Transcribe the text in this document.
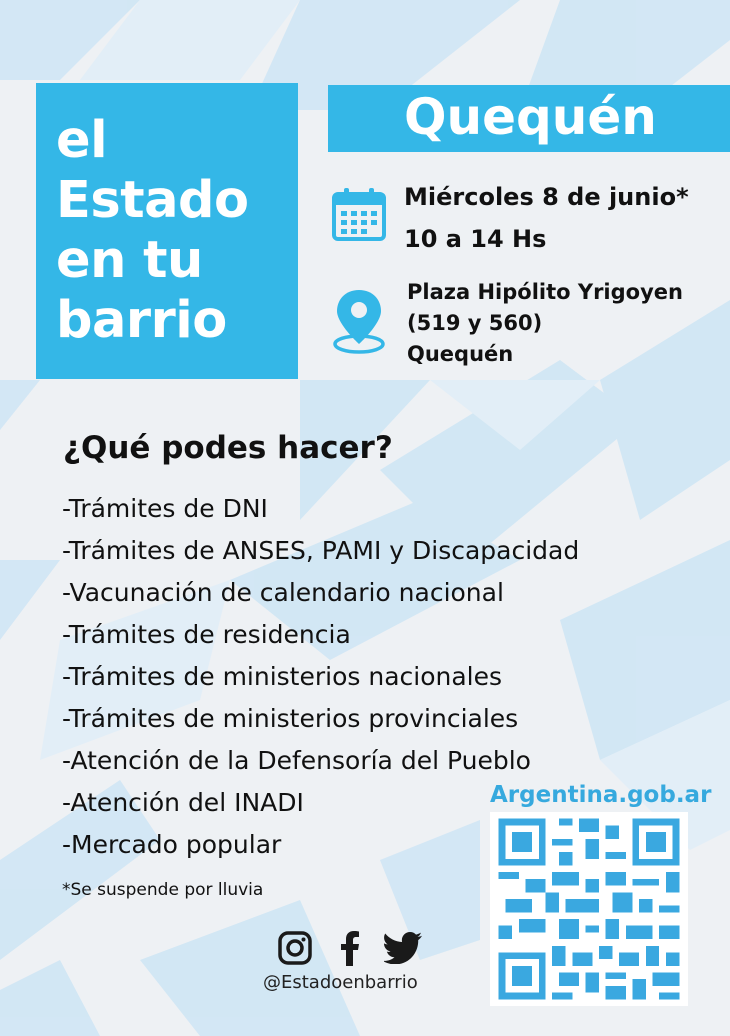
el
Estado
en tu
barrio
Quequén
Miércoles 8 de junio*
10 a 14 Hs
Plaza Hipólito Yrigoyen
(519 y 560)
Quequén
¿Qué podes hacer?
-Trámites de DNI
-Trámites de ANSES, PAMI y Discapacidad
-Vacunación de calendario nacional
-Trámites de residencia
-Trámites de ministerios nacionales
-Trámites de ministerios provinciales
-Atención de la Defensoría del Pueblo
-Atención del INADI
-Mercado popular
*Se suspende por lluvia
Argentina.gob.ar
@Estadoenbarrio
